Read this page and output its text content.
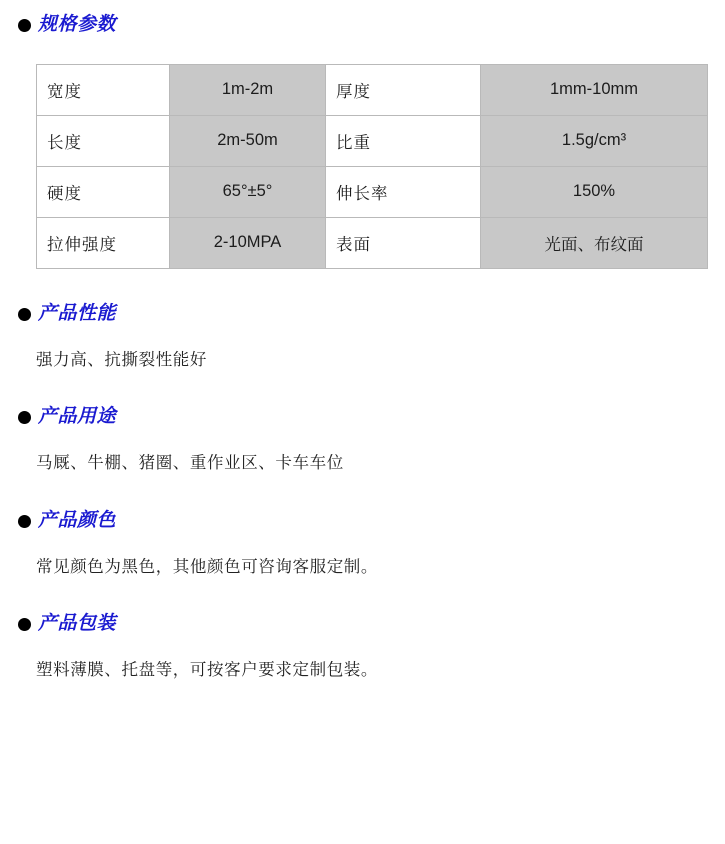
规格参数
宽度	1m-2m	厚度	1mm-10mm
长度	2m-50m	比重	1.5g/cm³
硬度	65°±5°	伸长率	150%
拉伸强度	2-10MPA	表面	光面、布纹面
产品性能
强力高、抗撕裂性能好
产品用途
马厩、牛棚、猪圈、重作业区、卡车车位
产品颜色
常见颜色为黑色，其他颜色可咨询客服定制。
产品包装
塑料薄膜、托盘等，可按客户要求定制包装。
